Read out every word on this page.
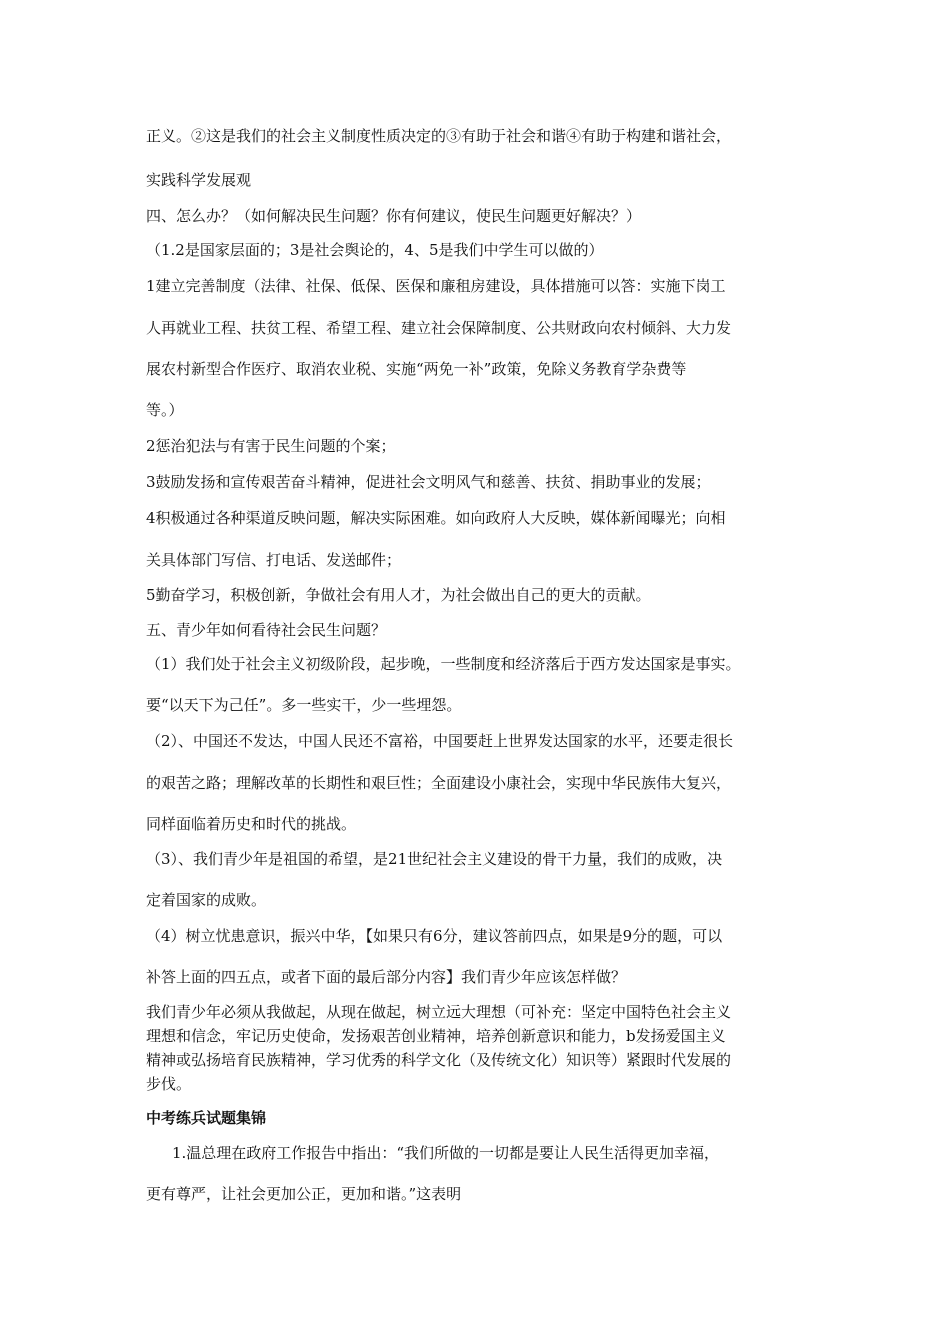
正义。②这是我们的社会主义制度性质决定的③有助于社会和谐④有助于构建和谐社会，
实践科学发展观
四、怎么办？（如何解决民生问题？你有何建议，使民生问题更好解决？）
（1.2是国家层面的；3是社会舆论的，4、5是我们中学生可以做的）
1建立完善制度（法律、社保、低保、医保和廉租房建设，具体措施可以答：实施下岗工
人再就业工程、扶贫工程、希望工程、建立社会保障制度、公共财政向农村倾斜、大力发
展农村新型合作医疗、取消农业税、实施“两免一补”政策，免除义务教育学杂费等
等。）
2惩治犯法与有害于民生问题的个案；
3鼓励发扬和宣传艰苦奋斗精神，促进社会文明风气和慈善、扶贫、捐助事业的发展；
4积极通过各种渠道反映问题，解决实际困难。如向政府人大反映，媒体新闻曝光；向相
关具体部门写信、打电话、发送邮件；
5勤奋学习，积极创新，争做社会有用人才，为社会做出自己的更大的贡献。
五、青少年如何看待社会民生问题？
（1）我们处于社会主义初级阶段，起步晚，一些制度和经济落后于西方发达国家是事实。
要“以天下为己任”。多一些实干，少一些埋怨。
（2）、中国还不发达，中国人民还不富裕，中国要赶上世界发达国家的水平，还要走很长
的艰苦之路；理解改革的长期性和艰巨性；全面建设小康社会，实现中华民族伟大复兴，
同样面临着历史和时代的挑战。
（3）、我们青少年是祖国的希望，是21世纪社会主义建设的骨干力量，我们的成败，决
定着国家的成败。
（4）树立忧患意识，振兴中华，【如果只有6分，建议答前四点，如果是9分的题，可以
补答上面的四五点，或者下面的最后部分内容】我们青少年应该怎样做？
我们青少年必须从我做起，从现在做起，树立远大理想（可补充：坚定中国特色社会主义
理想和信念，牢记历史使命，发扬艰苦创业精神，培养创新意识和能力，b发扬爱国主义
精神或弘扬培育民族精神，学习优秀的科学文化（及传统文化）知识等）紧跟时代发展的
步伐。
中考练兵试题集锦
1.温总理在政府工作报告中指出：“我们所做的一切都是要让人民生活得更加幸福，
更有尊严，让社会更加公正，更加和谐。”这表明
